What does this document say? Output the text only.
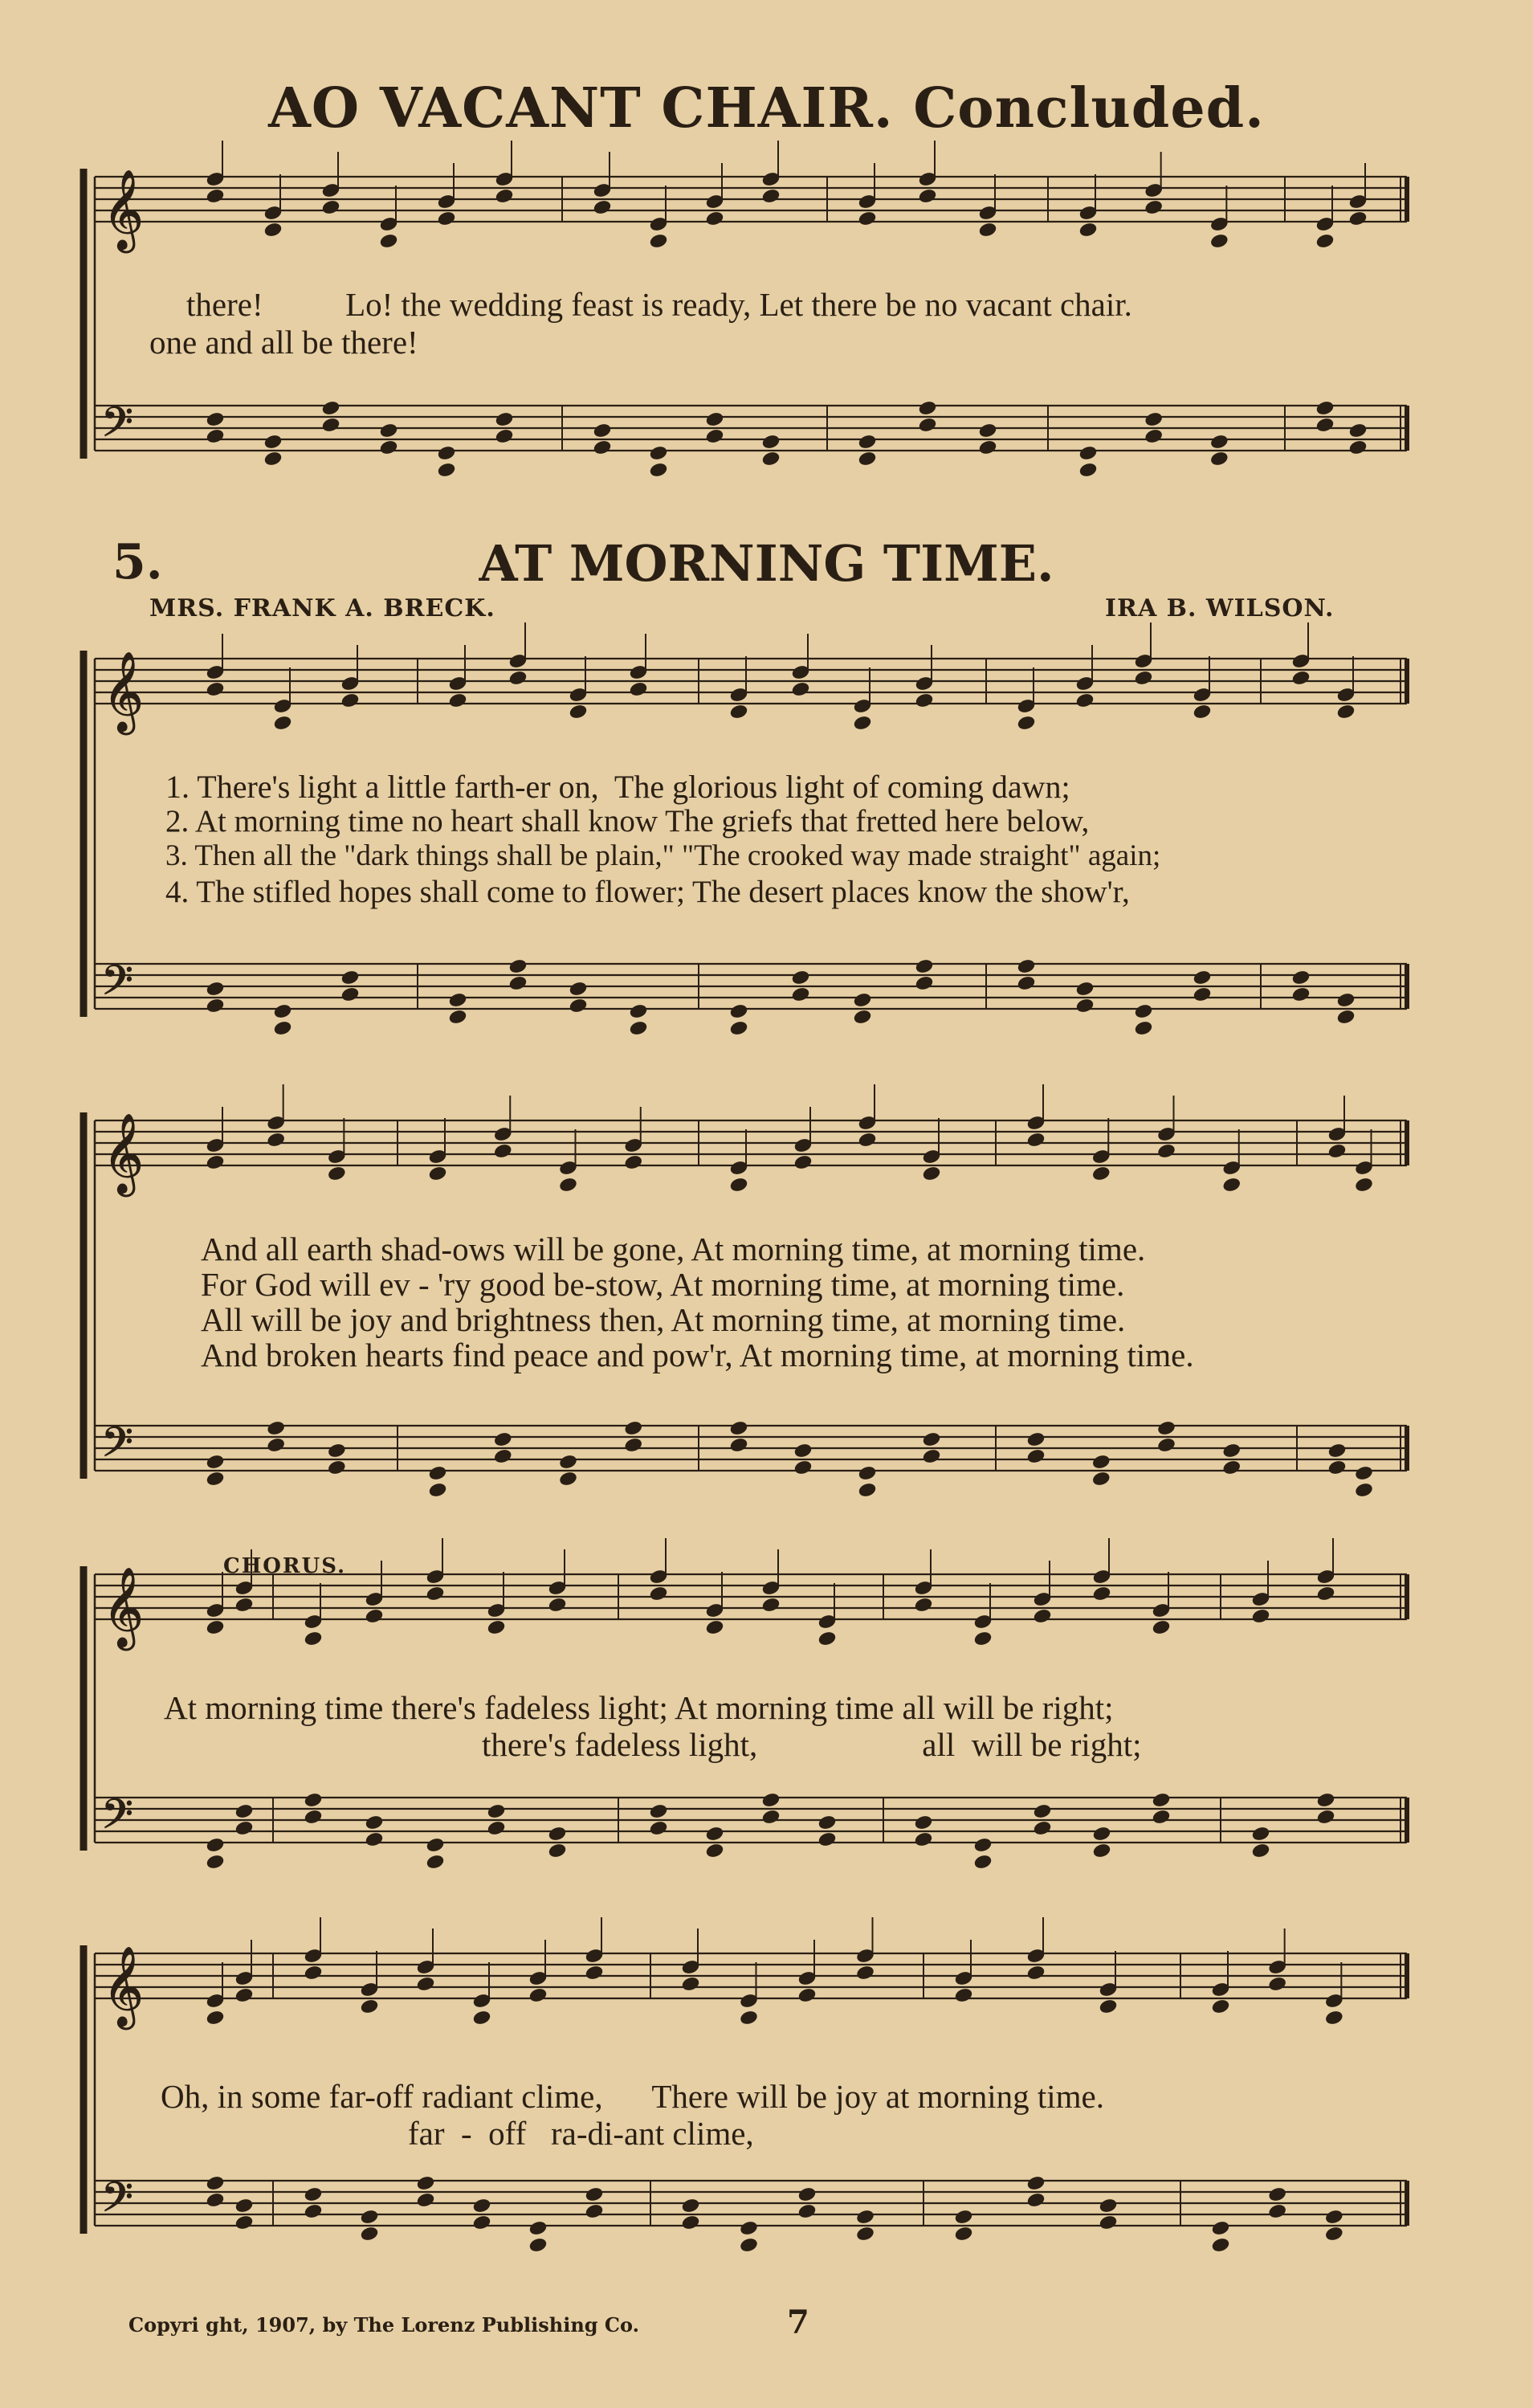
𝄞
𝄢
𝄞
𝄢
𝄞
𝄢
𝄞
𝄢
𝄞
𝄢
AO VACANT CHAIR. Concluded.
there!          Lo! the wedding feast is ready, Let there be no vacant chair.
one and all be there!
5.	AT MORNING TIME.
MRS. FRANK A. BRECK.	IRA B. WILSON.
1. There's light a little farth-er on,  The glorious light of coming dawn;
2. At morning time no heart shall know The griefs that fretted here below,
3. Then all the "dark things shall be plain," "The crooked way made straight" again;
4. The stifled hopes shall come to flower; The desert places know the show'r,
And all earth shad-ows will be gone, At morning time, at morning time.
For God will ev - 'ry good be-stow, At morning time, at morning time.
All will be joy and brightness then, At morning time, at morning time.
And broken hearts find peace and pow'r, At morning time, at morning time.
CHORUS.
At morning time there's fadeless light; At morning time all will be right;
there's fadeless light,                    all  will be right;
Oh, in some far-off radiant clime,      There will be joy at morning time.
far  -  off   ra-di-ant clime,
Copyri ght, 1907, by The Lorenz Publishing Co.	7
